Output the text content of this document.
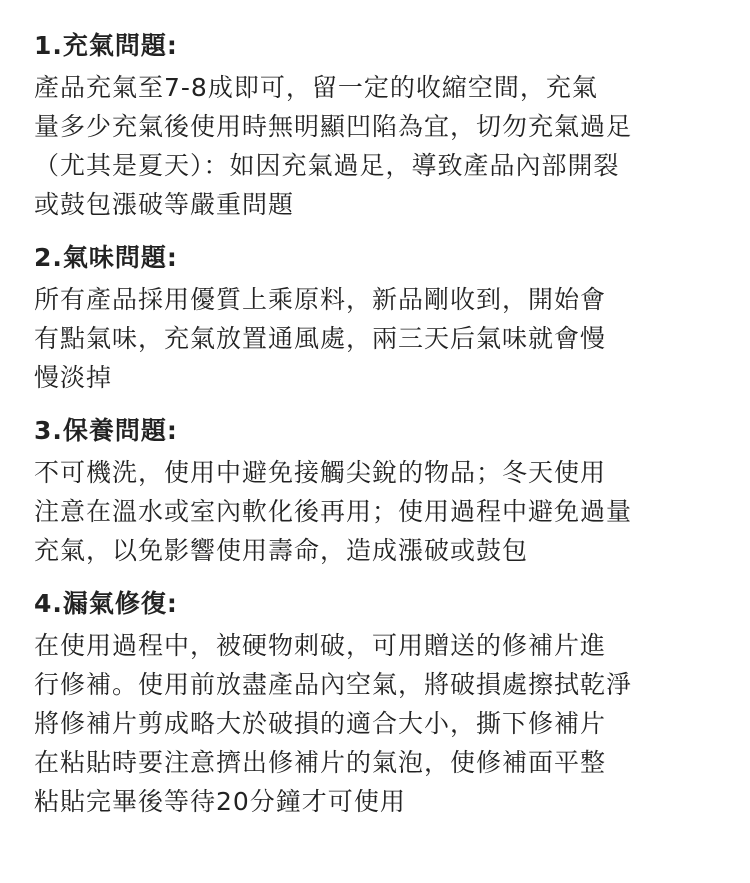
1.充氣問題:
產品充氣至7-8成即可，留一定的收縮空間，充氣
量多少充氣後使用時無明顯凹陷為宜，切勿充氣過足
（尤其是夏天）：如因充氣過足，導致產品內部開裂
或鼓包漲破等嚴重問題
2.氣味問題:
所有產品採用優質上乘原料，新品剛收到，開始會
有點氣味，充氣放置通風處，兩三天后氣味就會慢
慢淡掉
3.保養問題:
不可機洗，使用中避免接觸尖銳的物品；冬天使用
注意在溫水或室內軟化後再用；使用過程中避免過量
充氣，以免影響使用壽命，造成漲破或鼓包
4.漏氣修復:
在使用過程中，被硬物刺破，可用贈送的修補片進
行修補。使用前放盡產品內空氣，將破損處擦拭乾淨
將修補片剪成略大於破損的適合大小，撕下修補片
在粘貼時要注意擠出修補片的氣泡，使修補面平整
粘貼完畢後等待20分鐘才可使用
